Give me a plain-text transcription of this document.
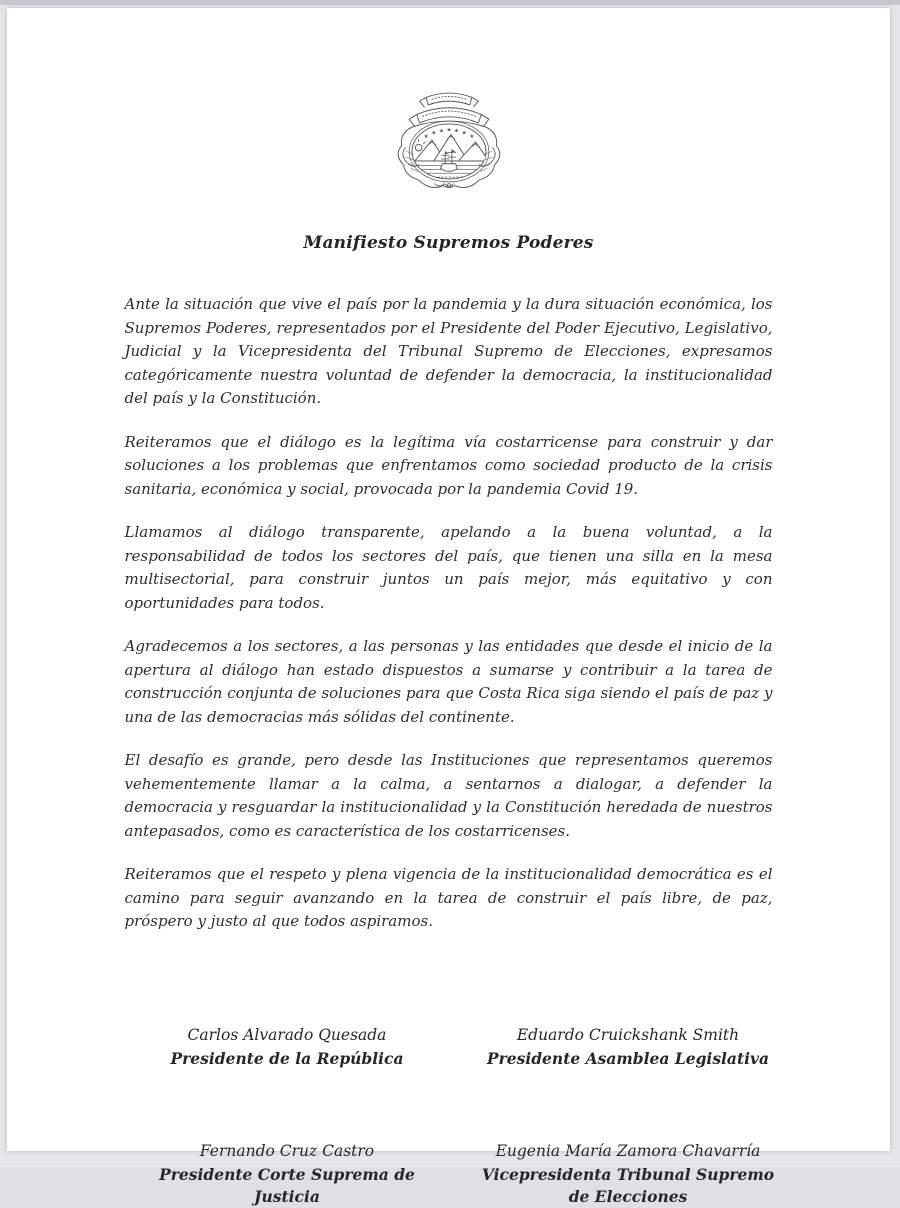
★
★ ★ ★ ★ ★
★
Manifiesto Supremos Poderes

Ante la situación que vive el país por la pandemia y la dura situación económica, los Supremos Poderes, representados por el Presidente del Poder Ejecutivo, Legislativo, Judicial y la Vicepresidenta del Tribunal Supremo de Elecciones, expresamos categóricamente nuestra voluntad de defender la democracia, la institucionalidad del país y la Constitución.

Reiteramos que el diálogo es la legítima vía costarricense para construir y dar soluciones a los problemas que enfrentamos como sociedad producto de la crisis sanitaria, económica y social, provocada por la pandemia Covid 19.

Llamamos al diálogo transparente, apelando a la buena voluntad, a la responsabilidad de todos los sectores del país, que tienen una silla en la mesa multisectorial, para construir juntos un país mejor, más equitativo y con oportunidades para todos.

Agradecemos a los sectores, a las personas y las entidades que desde el inicio de la apertura al diálogo han estado dispuestos a sumarse y contribuir a la tarea de construcción conjunta de soluciones para que Costa Rica siga siendo el país de paz y una de las democracias más sólidas del continente.

El desafío es grande, pero desde las Instituciones que representamos queremos vehementemente llamar a la calma, a sentarnos a dialogar, a defender la democracia y resguardar la institucionalidad y la Constitución heredada de nuestros antepasados, como es característica de los costarricenses.

Reiteramos que el respeto y plena vigencia de la institucionalidad democrática es el camino para seguir avanzando en la tarea de construir el país libre, de paz, próspero y justo al que todos aspiramos.

Carlos Alvarado Quesada
Presidente de la República
Eduardo Cruickshank Smith
Presidente Asamblea Legislativa
Fernando Cruz Castro
Presidente Corte Suprema de Justicia
Eugenia María Zamora Chavarría
Vicepresidenta Tribunal Supremo de Elecciones
